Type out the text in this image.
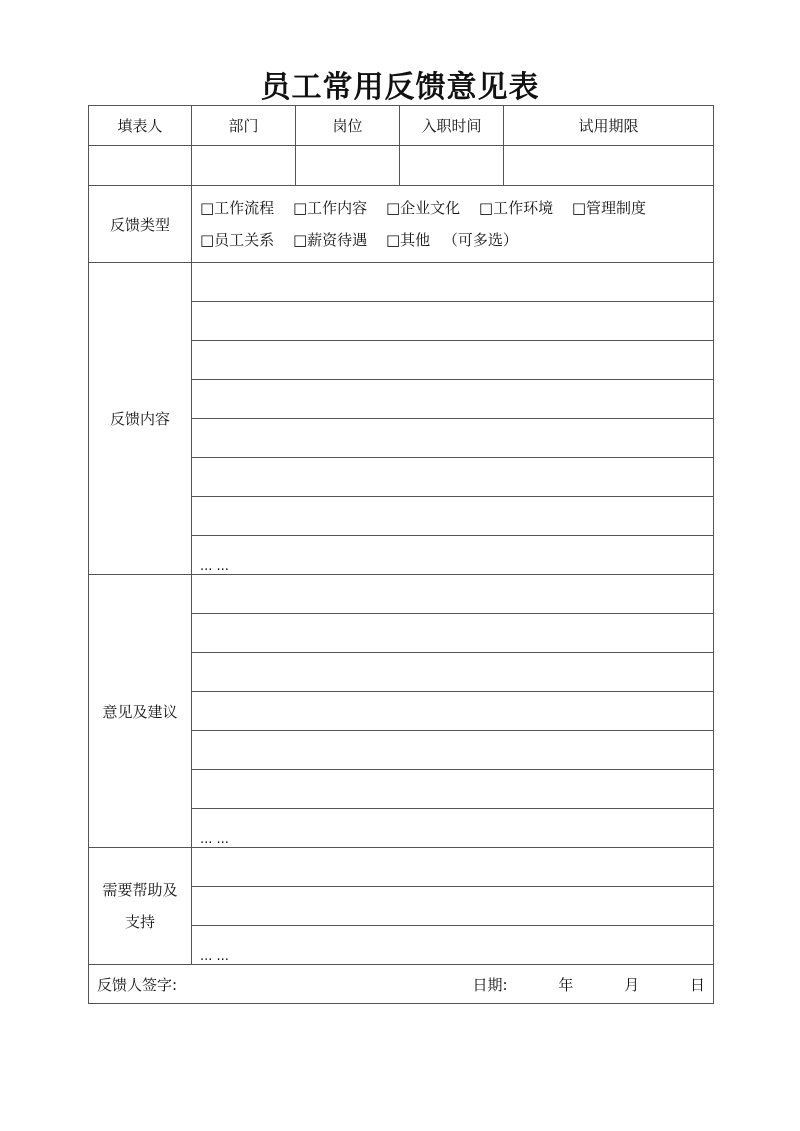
员工常用反馈意见表
填表人	部门	岗位	入职时间	试用期限

反馈类型	□工作流程 □工作内容 □企业文化 □工作环境 □管理制度
□员工关系 □薪资待遇 □其他 （可多选）			

反馈内容				

	... ...			
意见及建议				

	... ...			

需要帮助及
支持				

	... ...			

反馈人签字: 日期: 年 月 日				
